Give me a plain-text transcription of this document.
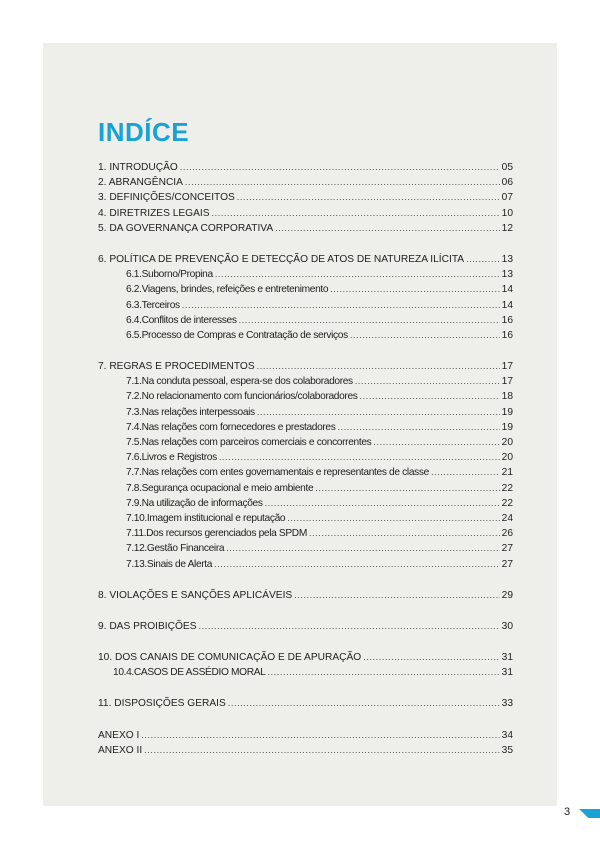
INDÍCE
1. INTRODUÇÃO .....	05
2. ABRANGÊNCIA .....	06
3. DEFINIÇÕES/CONCEITOS .....	07
4. DIRETRIZES LEGAIS .....	10
5. DA GOVERNANÇA CORPORATIVA .....	12
6. POLÍTICA DE PREVENÇÃO E DETECÇÃO DE ATOS DE NATUREZA ILÍCITA .....	13
6.1.Suborno/Propina .....	13
6.2.Viagens, brindes, refeições e entretenimento .....	14
6.3.Terceiros .....	14
6.4.Conflitos de interesses .....	16
6.5.Processo de Compras e Contratação de serviços .....	16
7. REGRAS E PROCEDIMENTOS .....	17
7.1.Na conduta pessoal, espera-se dos colaboradores .....	17
7.2.No relacionamento com funcionários/colaboradores .....	18
7.3.Nas relações interpessoais .....	19
7.4.Nas relações com fornecedores e prestadores .....	19
7.5.Nas relações com parceiros comerciais e concorrentes .....	20
7.6.Livros e Registros .....	20
7.7.Nas relações com entes governamentais e representantes de classe .....	21
7.8.Segurança ocupacional e meio ambiente .....	22
7.9.Na utilização de informações .....	22
7.10.Imagem institucional e reputação .....	24
7.11.Dos recursos gerenciados pela SPDM .....	26
7.12.Gestão Financeira .....	27
7.13.Sinais de Alerta .....	27
8. VIOLAÇÕES E SANÇÕES APLICÁVEIS .....	29
9. DAS PROIBIÇÕES .....	30
10. DOS CANAIS DE COMUNICAÇÃO E DE APURAÇÃO .....	31
10.4.CASOS DE ASSÉDIO MORAL .....	31
11. DISPOSIÇÕES GERAIS .....	33
ANEXO I .....	34
ANEXO II .....	35
3
